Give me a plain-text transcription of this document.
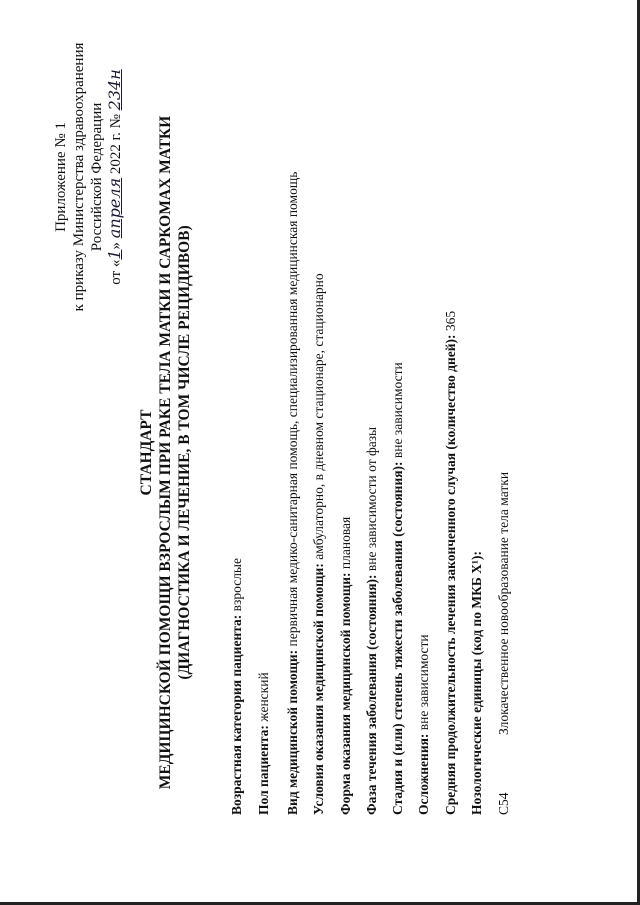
Приложение № 1 к приказу Министерства здравоохранения Российской Федерации
от «1» апреля 2022 г. № 234н
СТАНДАРТ МЕДИЦИНСКОЙ ПОМОЩИ ВЗРОСЛЫМ ПРИ РАКЕ ТЕЛА МАТКИ И САРКОМАХ МАТКИ (ДИАГНОСТИКА И ЛЕЧЕНИЕ, В ТОМ ЧИСЛЕ РЕЦИДИВОВ)
Возрастная категория пациента: взрослые
Пол пациента: женский Вид медицинской помощи: первичная медико-санитарная помощь, специализированная медицинская помощь
Условия оказания медицинской помощи: амбулаторно, в дневном стационаре, стационарно
Форма оказания медицинской помощи: плановая
Фаза течения заболевания (состояния): вне зависимости от фазы Стадия и (или) степень тяжести заболевания (состояния): вне зависимости
Осложнения: вне зависимости Средняя продолжительность лечения законченного случая (количество дней): 365
Нозологические единицы (код по МКБ X¹): C54Злокачественное новообразование тела матки
